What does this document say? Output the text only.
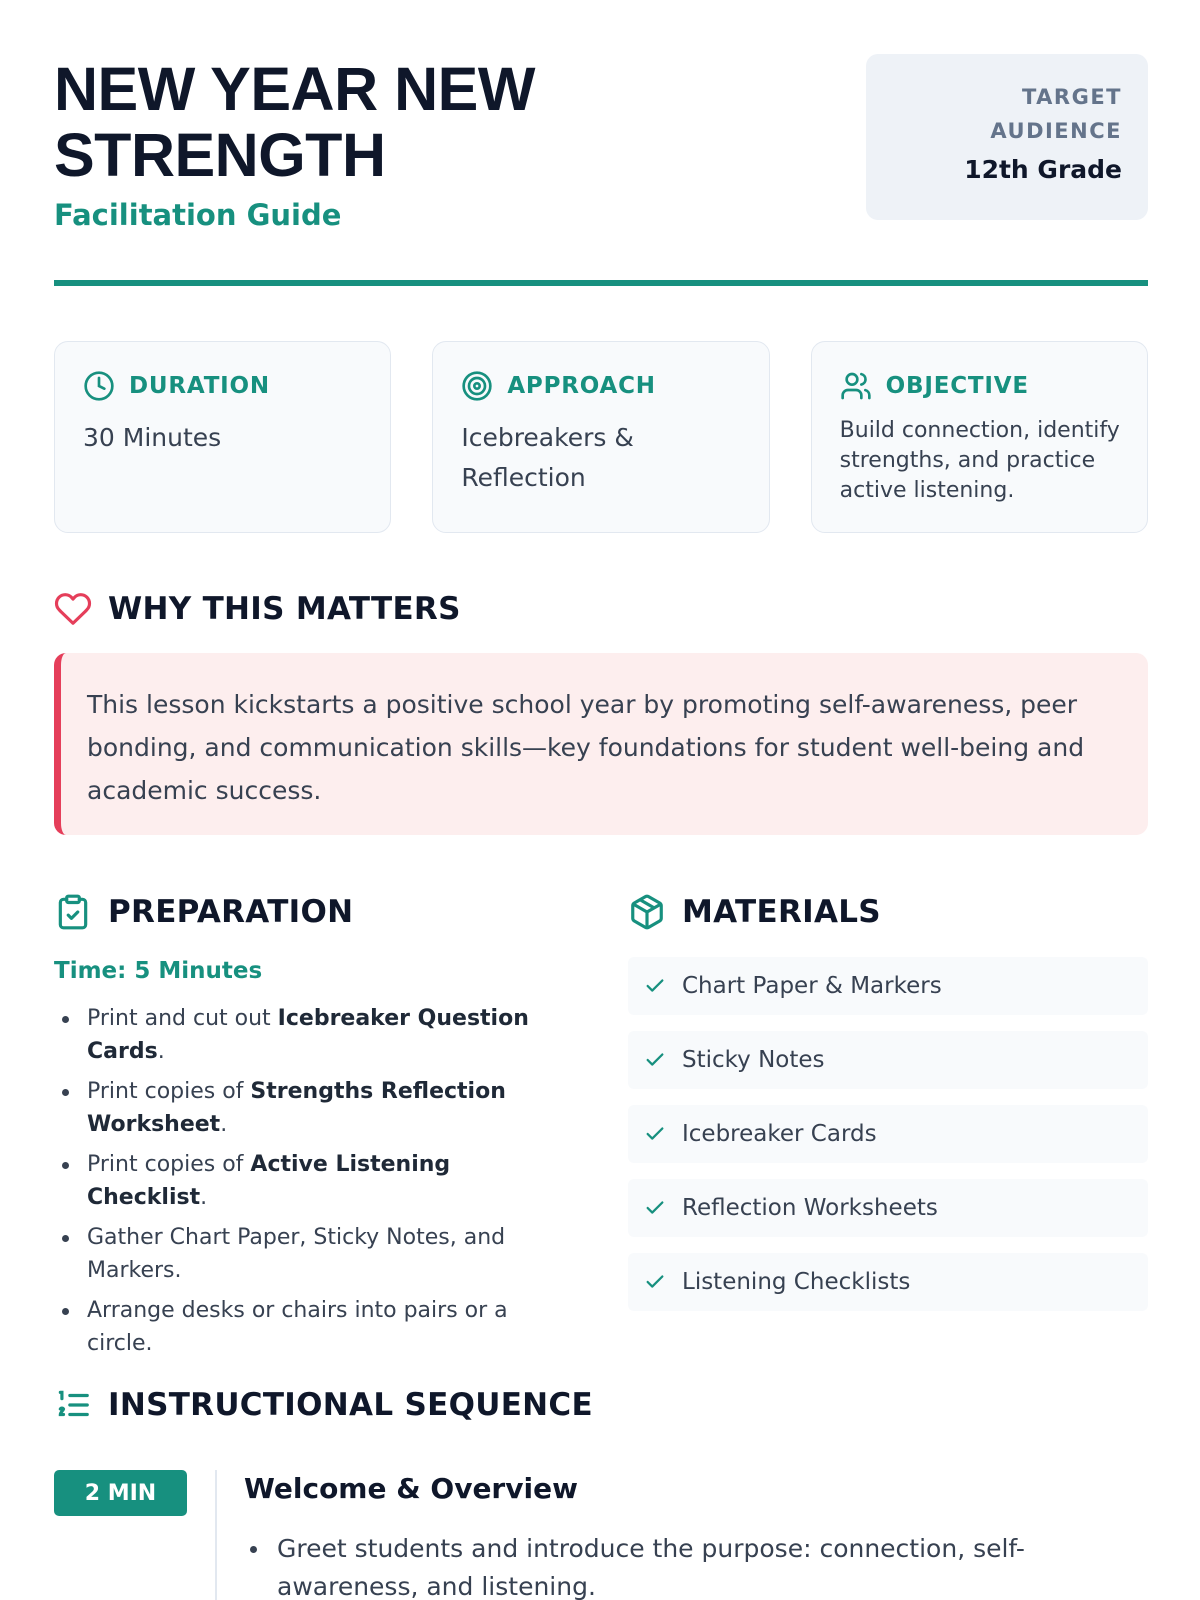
NEW YEAR NEW STRENGTH
Facilitation Guide
TARGET AUDIENCE
12th Grade
DURATION
30 Minutes
APPROACH
Icebreakers & Reflection
OBJECTIVE
Build connection, identify strengths, and practice active listening.
WHY THIS MATTERS

This lesson kickstarts a positive school year by promoting self-awareness, peer bonding, and communication skills—key foundations for student well-being and academic success.

PREPARATION
Time: 5 Minutes
Print and cut out Icebreaker Question Cards.
Print copies of Strengths Reflection Worksheet.
Print copies of Active Listening Checklist.
Gather Chart Paper, Sticky Notes, and Markers.
Arrange desks or chairs into pairs or a circle.
MATERIALS
Chart Paper & Markers
Sticky Notes
Icebreaker Cards
Reflection Worksheets
Listening Checklists
INSTRUCTIONAL SEQUENCE
2 MIN	Welcome & Overview
Greet students and introduce the purpose: connection, self-awareness, and listening.
